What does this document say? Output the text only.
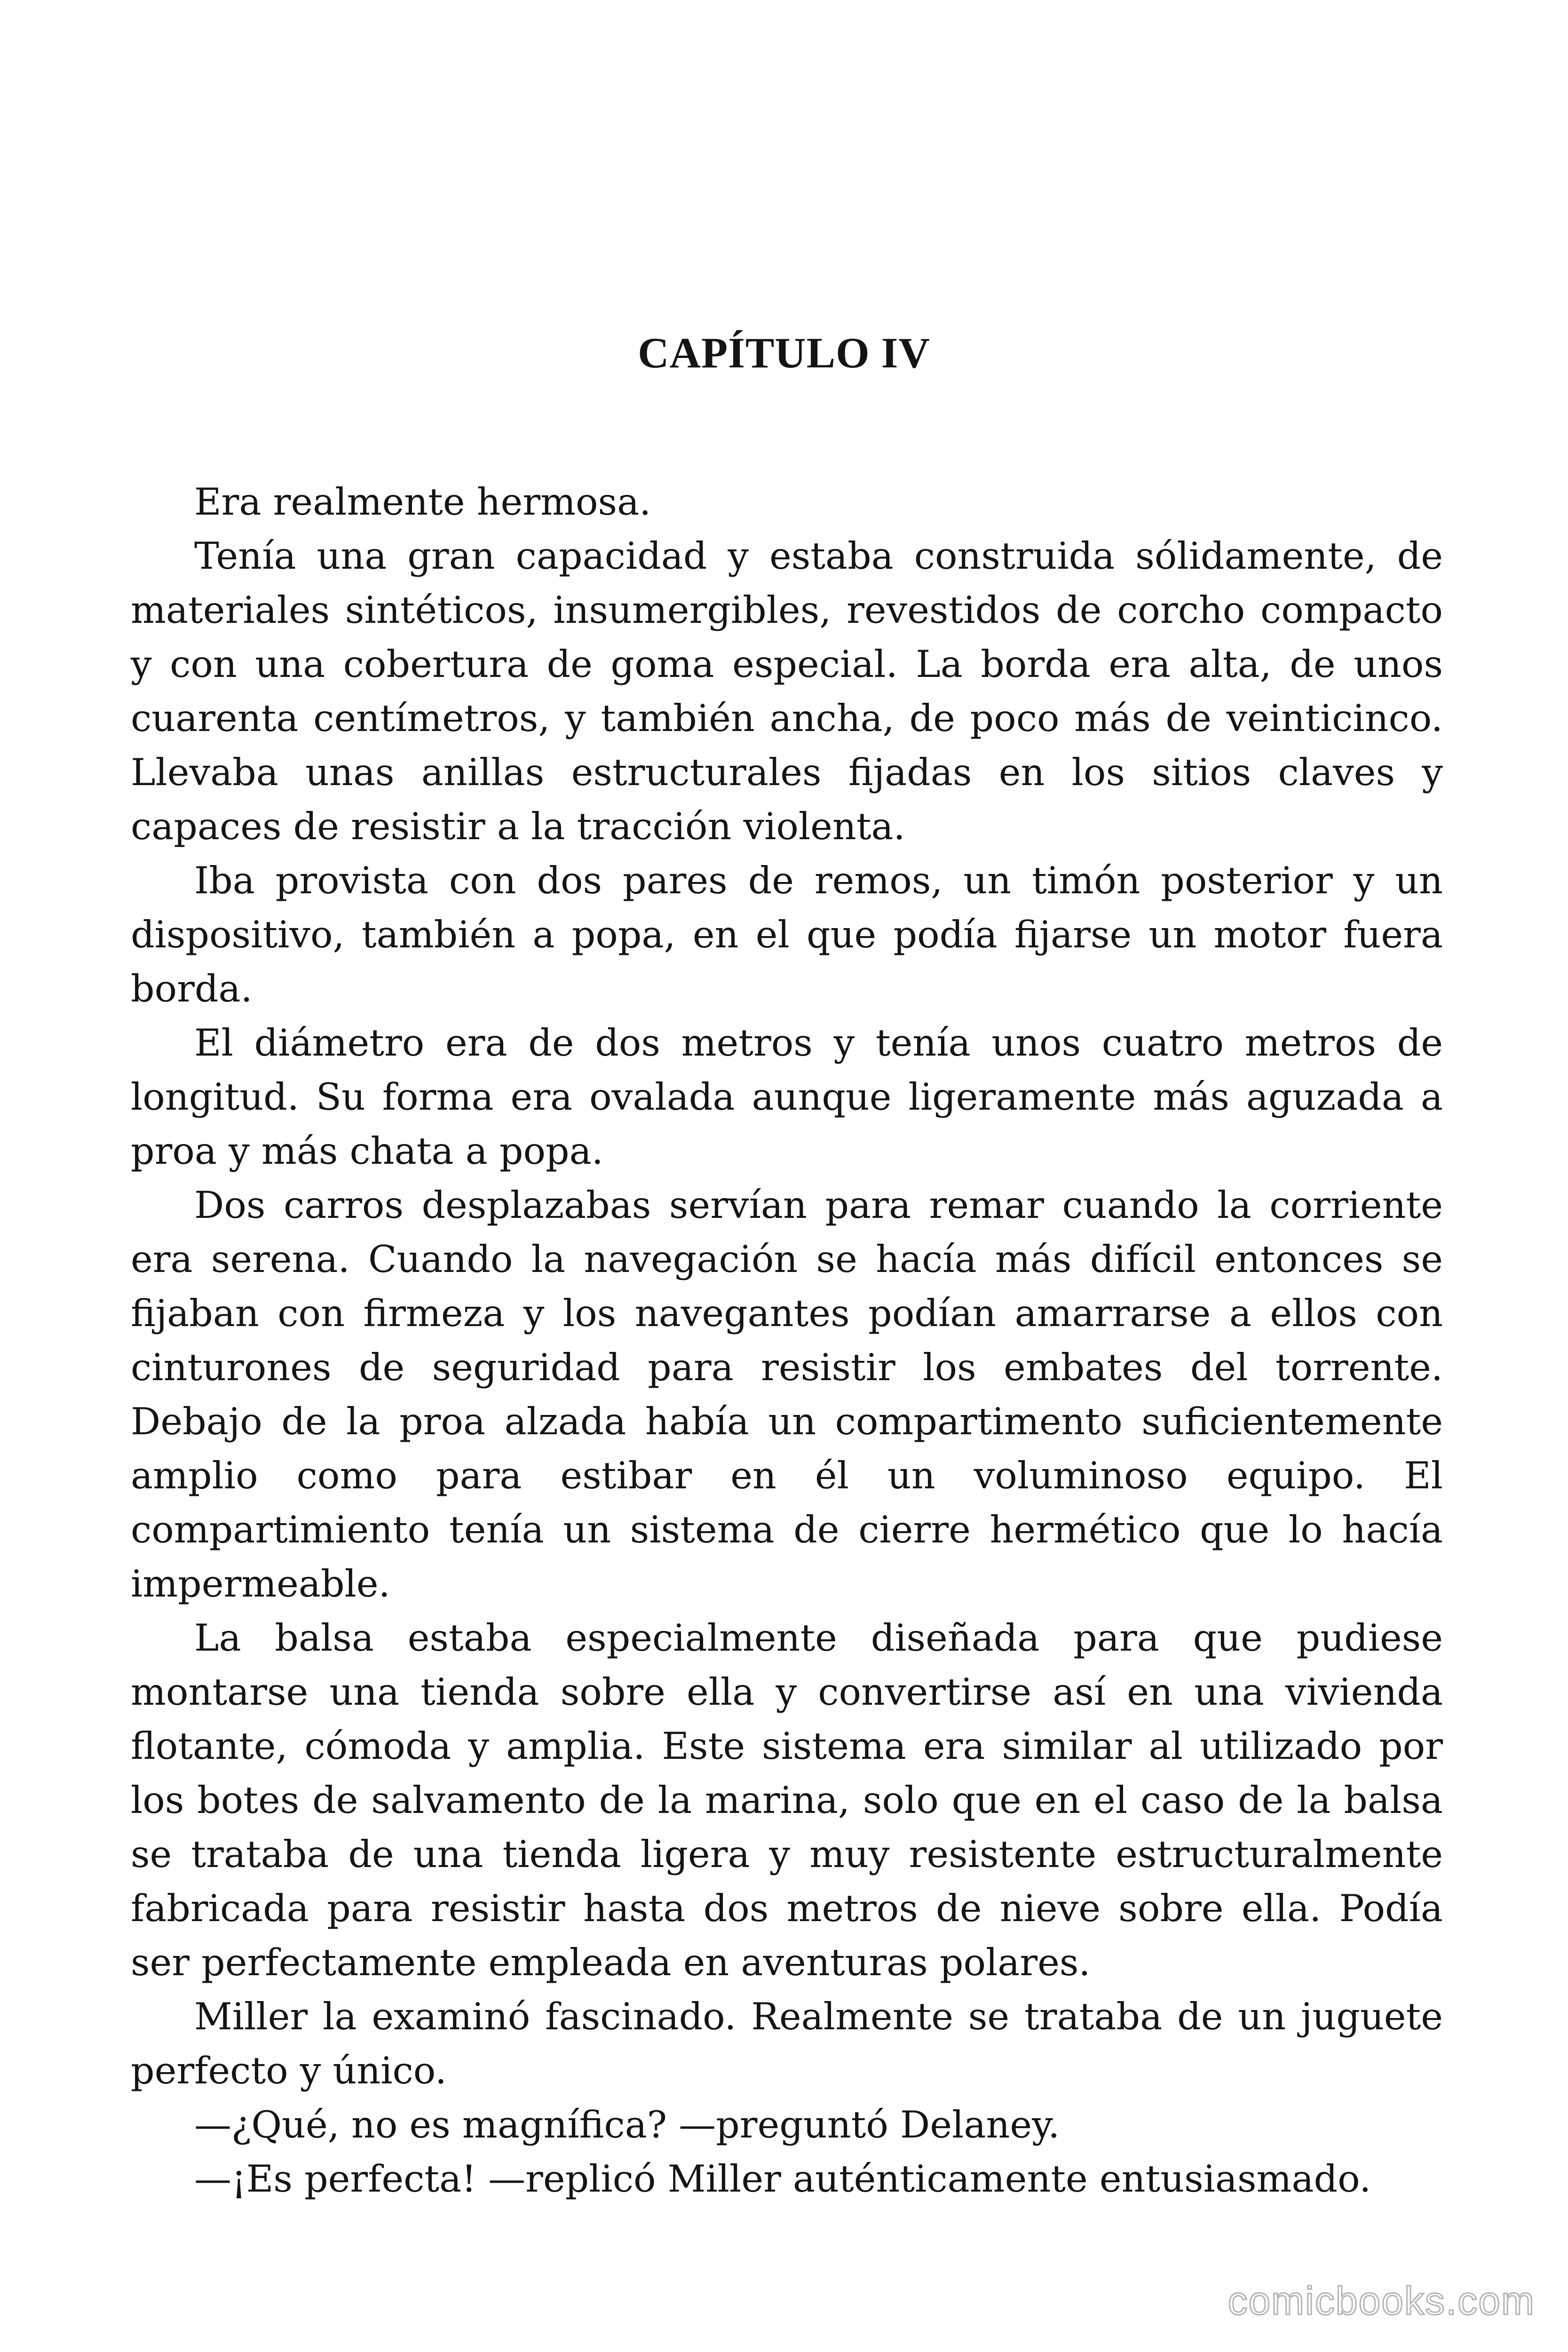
CAPÍTULO IV

Era realmente hermosa.

Tenía una gran capacidad y estaba construida sólidamente, de materiales sintéticos, insumergibles, revestidos de corcho compacto y con una cobertura de goma especial. La borda era alta, de unos cuarenta centímetros, y también ancha, de poco más de veinticinco. Llevaba unas anillas estructurales fijadas en los sitios claves y capaces de resistir a la tracción violenta.

Iba provista con dos pares de remos, un timón posterior y un dispositivo, también a popa, en el que podía fijarse un motor fuera borda.

El diámetro era de dos metros y tenía unos cuatro metros de longitud. Su forma era ovalada aunque ligeramente más aguzada a proa y más chata a popa.

Dos carros desplazabas servían para remar cuando la corriente era serena. Cuando la navegación se hacía más difícil entonces se fijaban con firmeza y los navegantes podían amarrarse a ellos con cinturones de seguridad para resistir los embates del torrente. Debajo de la proa alzada había un compartimento suficientemente amplio como para estibar en él un voluminoso equipo. El compartimiento tenía un sistema de cierre hermético que lo hacía impermeable.

La balsa estaba especialmente diseñada para que pudiese montarse una tienda sobre ella y convertirse así en una vivienda flotante, cómoda y amplia. Este sistema era similar al utilizado por los botes de salvamento de la marina, solo que en el caso de la balsa se trataba de una tienda ligera y muy resistente estructuralmente fabricada para resistir hasta dos metros de nieve sobre ella. Podía ser perfectamente empleada en aventuras polares.

Miller la examinó fascinado. Realmente se trataba de un juguete perfecto y único.

—¿Qué, no es magnífica? —preguntó Delaney.

—¡Es perfecta! —replicó Miller auténticamente entusiasmado.

comicbooks.com
